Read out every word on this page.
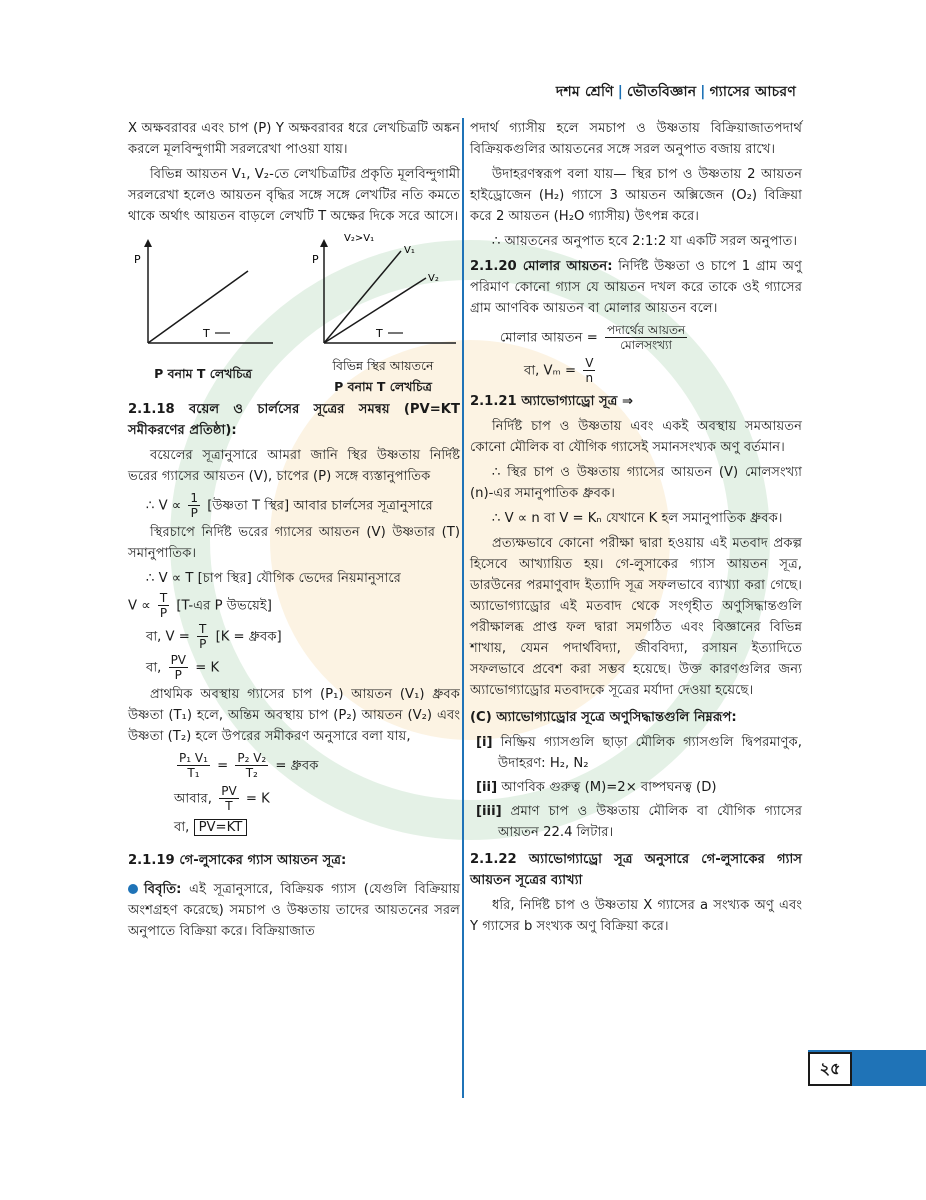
দশম শ্রেণি | ভৌতবিজ্ঞান | গ্যাসের আচরণ

X অক্ষবরাবর এবং চাপ (P) Y অক্ষবরাবর ধরে লেখচিত্রটি অঙ্কন করলে মূলবিন্দুগামী সরলরেখা পাওয়া যায়।

বিভিন্ন আয়তন V₁, V₂-তে লেখচিত্রটির প্রকৃতি মূলবিন্দুগামী সরলরেখা হলেও আয়তন বৃদ্ধির সঙ্গে সঙ্গে লেখটির নতি কমতে থাকে অর্থাৎ আয়তন বাড়লে লেখটি T অক্ষের দিকে সরে আসে।

P
T
P
V₂>V₁
V₁
V₂
T
P বনাম T লেখচিত্র
বিভিন্ন স্থির আয়তনে
P বনাম T লেখচিত্র

2.1.18 বয়েল ও চার্লসের সূত্রের সমন্বয় (PV=KT সমীকরণের প্রতিষ্ঠা):

বয়েলের সূত্রানুসারে আমরা জানি স্থির উষ্ণতায় নির্দিষ্ট ভরের গ্যাসের আয়তন (V), চাপের (P) সঙ্গে ব্যস্তানুপাতিক

∴ $V \propto \frac{1}{P}$ [উষ্ণতা T স্থির] আবার চার্লসের সূত্রানুসারে

স্থিরচাপে নির্দিষ্ট ভরের গ্যাসের আয়তন (V) উষ্ণতার (T) সমানুপাতিক।

∴ V ∝ T [চাপ স্থির] যৌগিক ভেদের নিয়মানুসারে
$V \propto \frac{T}{P}$ [T-এর P উভয়েই]
বা, $V = \frac{T}{P} [K$ = ধ্রুবক]
বা, $\frac{PV}{P} = K$

প্রাথমিক অবস্থায় গ্যাসের চাপ (P₁) আয়তন (V₁) ধ্রুবক উষ্ণতা (T₁) হলে, অন্তিম অবস্থায় চাপ (P₂) আয়তন (V₂) এবং উষ্ণতা (T₂) হলে উপরের সমীকরণ অনুসারে বলা যায়,

$\frac{\text{P₁ V₁}}{\text{T₁}} = \frac{\text{P₂ V₂}}{\text{T₂}}$ = ধ্রুবক
আবার, $\frac{PV}{T} = K$
বা, PV=KT

2.1.19 গে-লুসাকের গ্যাস আয়তন সূত্র:

বিবৃতি: এই সূত্রানুসারে, বিক্রিয়ক গ্যাস (যেগুলি বিক্রিয়ায় অংশগ্রহণ করেছে) সমচাপ ও উষ্ণতায় তাদের আয়তনের সরল অনুপাতে বিক্রিয়া করে। বিক্রিয়াজাত

পদার্থ গ্যাসীয় হলে সমচাপ ও উষ্ণতায় বিক্রিয়াজাতপদার্থ বিক্রিয়কগুলির আয়তনের সঙ্গে সরল অনুপাত বজায় রাখে।

উদাহরণস্বরূপ বলা যায়— স্থির চাপ ও উষ্ণতায় 2 আয়তন হাইড্রোজেন (H₂) গ্যাসে 3 আয়তন অক্সিজেন (O₂) বিক্রিয়া করে 2 আয়তন (H₂O গ্যাসীয়) উৎপন্ন করে।

∴ আয়তনের অনুপাত হবে 2:1:2 যা একটি সরল অনুপাত।

2.1.20 মোলার আয়তন: নির্দিষ্ট উষ্ণতা ও চাপে 1 গ্রাম অণু পরিমাণ কোনো গ্যাস যে আয়তন দখল করে তাকে ওই গ্যাসের গ্রাম আণবিক আয়তন বা মোলার আয়তন বলে।

মোলার আয়তন = $\frac{\text{পদার্থের আয়তন}}{\text{মোলসংখ্যা}}$
বা, $V_m = \frac{V}{n}$

2.1.21 অ্যাভোগ্যাড্রো সূত্র ⇒

নির্দিষ্ট চাপ ও উষ্ণতায় এবং একই অবস্থায় সমআয়তন কোনো মৌলিক বা যৌগিক গ্যাসেই সমানসংখ্যক অণু বর্তমান।

∴ স্থির চাপ ও উষ্ণতায় গ্যাসের আয়তন (V) মোলসংখ্যা (n)-এর সমানুপাতিক ধ্রুবক।

∴ V ∝ n বা V = Kₙ যেখানে K হল সমানুপাতিক ধ্রুবক।

প্রত্যক্ষভাবে কোনো পরীক্ষা দ্বারা হওয়ায় এই মতবাদ প্রকল্প হিসেবে আখ্যায়িত হয়। গে-লুসাকের গ্যাস আয়তন সূত্র, ডারউনের পরমাণুবাদ ইত্যাদি সূত্র সফলভাবে ব্যাখ্যা করা গেছে। অ্যাভোগ্যাড্রোর এই মতবাদ থেকে সংগৃহীত অণুসিদ্ধান্তগুলি পরীক্ষালব্ধ প্রাপ্ত ফল দ্বারা সমগঠিত এবং বিজ্ঞানের বিভিন্ন শাখায়, যেমন পদার্থবিদ্যা, জীববিদ্যা, রসায়ন ইত্যাদিতে সফলভাবে প্রবেশ করা সম্ভব হয়েছে। উক্ত কারণগুলির জন্য অ্যাভোগ্যাড্রোর মতবাদকে সূত্রের মর্যাদা দেওয়া হয়েছে।

(C) অ্যাভোগ্যাড্রোর সূত্রে অণুসিদ্ধান্তগুলি নিম্নরূপ:

[i] নিষ্ক্রিয় গ্যাসগুলি ছাড়া মৌলিক গ্যাসগুলি দ্বিপরমাণুক, উদাহরণ: H₂, N₂

[ii] আণবিক গুরুত্ব (M)=2× বাষ্পঘনত্ব (D)

[iii] প্রমাণ চাপ ও উষ্ণতায় মৌলিক বা যৌগিক গ্যাসের আয়তন 22.4 লিটার।

2.1.22 অ্যাভোগ্যাড্রো সূত্র অনুসারে গে-লুসাকের গ্যাস আয়তন সূত্রের ব্যাখ্যা

ধরি, নির্দিষ্ট চাপ ও উষ্ণতায় X গ্যাসের a সংখ্যক অণু এবং Y গ্যাসের b সংখ্যক অণু বিক্রিয়া করে।

২৫
